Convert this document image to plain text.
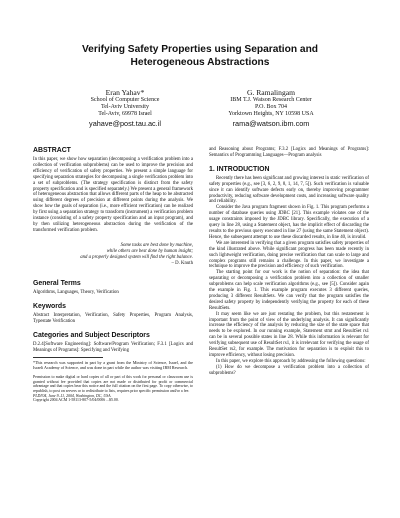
Verifying Safety Properties using Separation and
Heterogeneous Abstractions
Eran Yahav*
School of Computer Science
Tel-Aviv University
Tel-Aviv, 69978 Israel
yahave@post.tau.ac.il
G. Ramalingam
IBM T.J. Watson Research Center
P.O. Box 704
Yorktown Heights, NY 10598 USA
rama@watson.ibm.com
ABSTRACT

In this paper, we show how separation (decomposing a verification problem into a collection of verification subproblems) can be used to improve the precision and efficiency of verification of safety properties. We present a simple language for specifying separation strategies for decomposing a single verification problem into a set of subproblems. (The strategy specification is distinct from the safety property specification and is specified separately.) We present a general framework of heterogeneous abstraction that allows different parts of the heap to be abstracted using different degrees of precision at different points during the analysis. We show how the goals of separation (i.e., more efficient verification) can be realized by first using a separation strategy to transform (instrument) a verification problem instance (consisting of a safety property specification and an input program), and by then utilizing heterogeneous abstraction during the verification of the transformed verification problem.

Some tasks are best done by machine,
while others are best done by human insight;
and a properly designed system will find the right balance.
– D. Knuth
General Terms

Algorithms, Languages, Theory, Verification

Keywords

Abstract Interpretation, Verification, Safety Properties, Program Analysis, Typestate Verification

Categories and Subject Descriptors

D.2.4[Software Engineering]: Software/Program Verification; F.3.1 [Logics and Meanings of Programs]: Specifying and Verifying

*This research was supported in part by a grant from the Ministry of Science, Israel, and the Israeli Academy of Science, and was done in part while the author was visiting IBM Research.

Permission to make digital or hard copies of all or part of this work for personal or classroom use is granted without fee provided that copies are not made or distributed for profit or commercial advantage and that copies bear this notice and the full citation on the first page. To copy otherwise, to republish, to post on servers or to redistribute to lists, requires prior specific permission and/or a fee.

PLDI'04, June 9–11, 2004, Washington, DC, USA.

Copyright 2004 ACM 1-58113-807-5/04/0006 ...$5.00.

and Reasoning about Programs; F.3.2 [Logics and Meanings of Programs]: Semantics of Programming Languages—Program analysis

1. INTRODUCTION

Recently there has been significant and growing interest in static verification of safety properties (e.g., see [3, 6, 2, 9, 8, 1, 14, 7, 5]). Such verification is valuable since it can identify software defects early on, thereby improving programmer productivity, reducing software development costs, and increasing software quality and reliability.

Consider the Java program fragment shown in Fig. 1. This program performs a number of database queries using JDBC [21]. This example violates one of the usage constraints imposed by the JDBC library. Specifically, the execution of a query in line 28, using a Statement object, has the implicit effect of discarding the results to the previous query executed in line 27 (using the same Statement object). Hence, the subsequent attempt to use these discarded results, in line 40, is invalid.

We are interested in verifying that a given program satisfies safety properties of the kind illustrated above. While significant progress has been made recently in such lightweight verification, doing precise verification that can scale to large and complex programs still remains a challenge. In this paper, we investigate a technique to improve the precision and efficiency of such verification.

The starting point for our work is the notion of separation: the idea that separating or decomposing a verification problem into a collection of smaller subproblems can help scale verification algorithms (e.g., see [5]). Consider again the example in Fig. 1. This example program executes 3 different queries, producing 3 different ResultSets. We can verify that the program satisfies the desired safety property by independently verifying the property for each of these ResultSets.

It may seem like we are just restating the problem, but this restatement is important from the point of view of the underlying analysis. It can significantly increase the efficiency of the analysis by reducing the size of the state space that needs to be explored. In our running example, Statement stmt and ResultSet rs1 can be in several possible states in line 28. While this information is relevant for verifying subsequent use of ResultSet rs1, it is irrelevant for verifying the usage of ResultSet rs2, for example. The motivation for separation is to exploit this to improve efficiency, without losing precision.

In this paper, we explore this approach by addressing the following questions:

(1) How do we decompose a verification problem into a collection of subproblems?
